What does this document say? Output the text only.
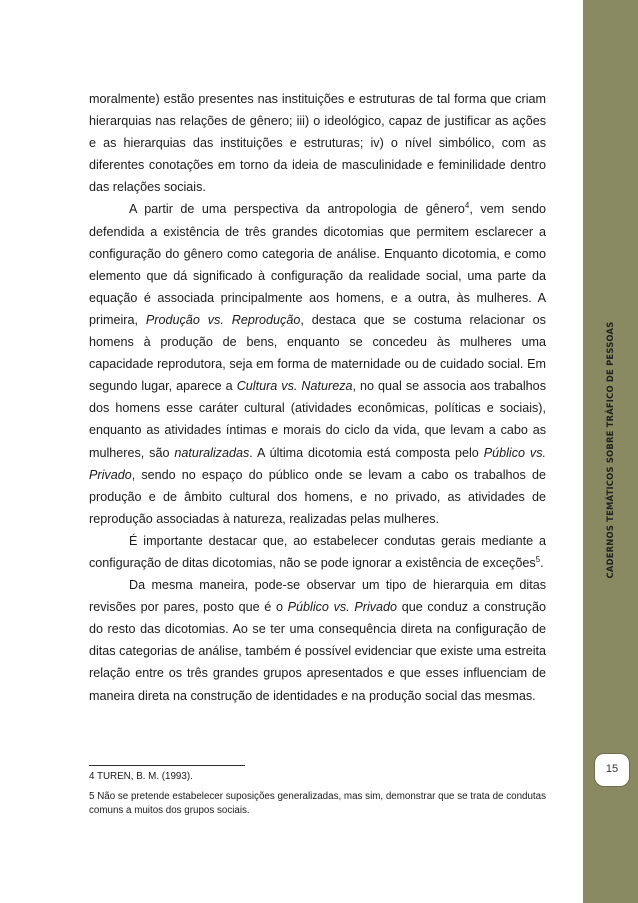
moralmente) estão presentes nas instituições e estruturas de tal forma que criam hierarquias nas relações de gênero; iii) o ideológico, capaz de justificar as ações e as hierarquias das instituições e estruturas; iv) o nível simbólico, com as diferentes conotações em torno da ideia de masculinidade e feminilidade dentro das relações sociais.

A partir de uma perspectiva da antropologia de gênero$^4$, vem sendo defendida a existência de três grandes dicotomias que permitem esclarecer a configuração do gênero como categoria de análise. Enquanto dicotomia, e como elemento que dá significado à configuração da realidade social, uma parte da equação é associada principalmente aos homens, e a outra, às mulheres. A primeira, Produção vs. Reprodução, destaca que se costuma relacionar os homens à produção de bens, enquanto se concedeu às mulheres uma capacidade reprodutora, seja em forma de maternidade ou de cuidado social. Em segundo lugar, aparece a Cultura vs. Natureza, no qual se associa aos trabalhos dos homens esse caráter cultural (atividades econômicas, políticas e sociais), enquanto as atividades íntimas e morais do ciclo da vida, que levam a cabo as mulheres, são naturalizadas. A última dicotomia está composta pelo Público vs. Privado, sendo no espaço do público onde se levam a cabo os trabalhos de produção e de âmbito cultural dos homens, e no privado, as atividades de reprodução associadas à natureza, realizadas pelas mulheres.

É importante destacar que, ao estabelecer condutas gerais mediante a configuração de ditas dicotomias, não se pode ignorar a existência de exceções$^5$.

Da mesma maneira, pode-se observar um tipo de hierarquia em ditas revisões por pares, posto que é o Público vs. Privado que conduz a construção do resto das dicotomias. Ao se ter uma consequência direta na configuração de ditas categorias de análise, também é possível evidenciar que existe uma estreita relação entre os três grandes grupos apresentados e que esses influenciam de maneira direta na construção de identidades e na produção social das mesmas.

4 TUREN, B. M. (1993).

5 Não se pretende estabelecer suposições generalizadas, mas sim, demonstrar que se trata de condutas comuns a muitos dos grupos sociais.

CADERNOS TEMÁTICOS SOBRE TRÁFICO DE PESSOAS
15
